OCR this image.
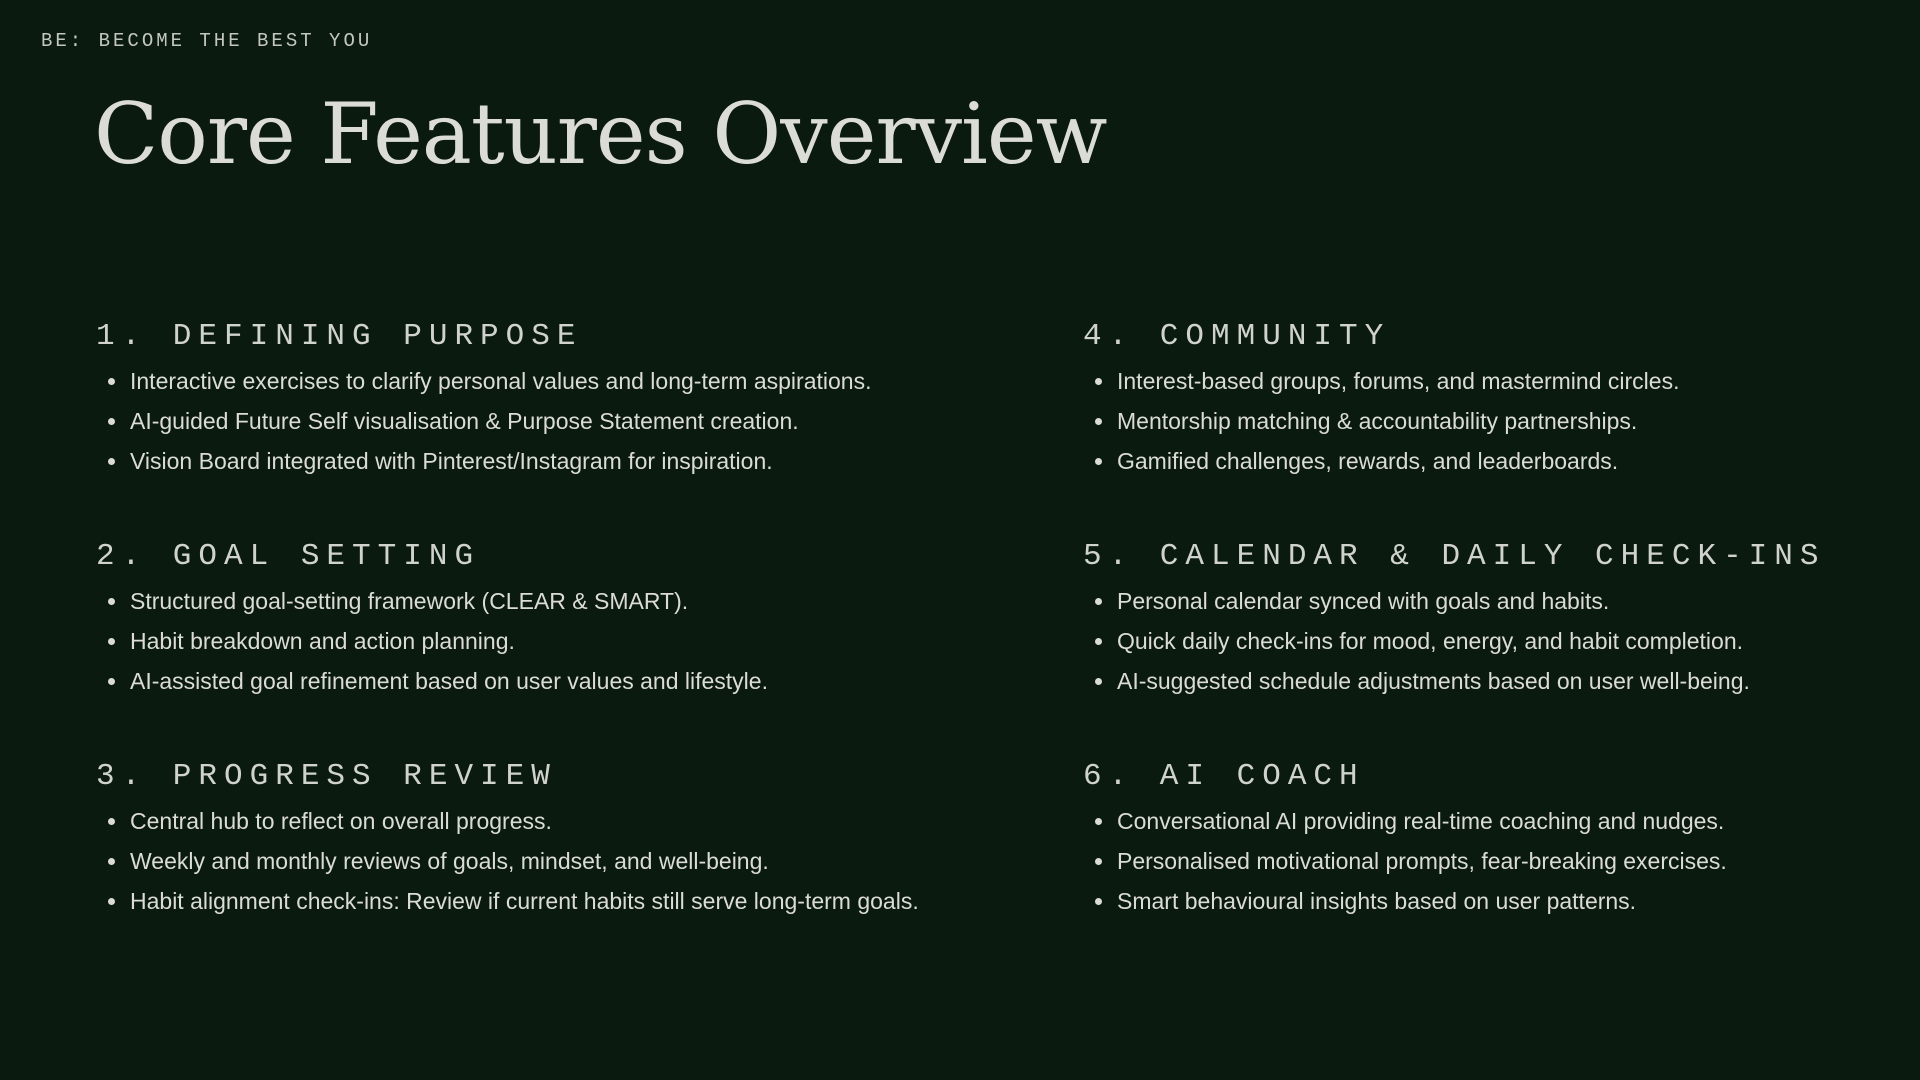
BE: BECOME THE BEST YOU
Core Features Overview
1. DEFINING PURPOSE
Interactive exercises to clarify personal values and long-term aspirations.
AI-guided Future Self visualisation & Purpose Statement creation.
Vision Board integrated with Pinterest/Instagram for inspiration.
2. GOAL SETTING
Structured goal-setting framework (CLEAR & SMART).
Habit breakdown and action planning.
AI-assisted goal refinement based on user values and lifestyle.
3. PROGRESS REVIEW
Central hub to reflect on overall progress.
Weekly and monthly reviews of goals, mindset, and well-being.
Habit alignment check-ins: Review if current habits still serve long-term goals.
4. COMMUNITY
Interest-based groups, forums, and mastermind circles.
Mentorship matching & accountability partnerships.
Gamified challenges, rewards, and leaderboards.
5. CALENDAR & DAILY CHECK-INS
Personal calendar synced with goals and habits.
Quick daily check-ins for mood, energy, and habit completion.
AI-suggested schedule adjustments based on user well-being.
6. AI COACH
Conversational AI providing real-time coaching and nudges.
Personalised motivational prompts, fear-breaking exercises.
Smart behavioural insights based on user patterns.
